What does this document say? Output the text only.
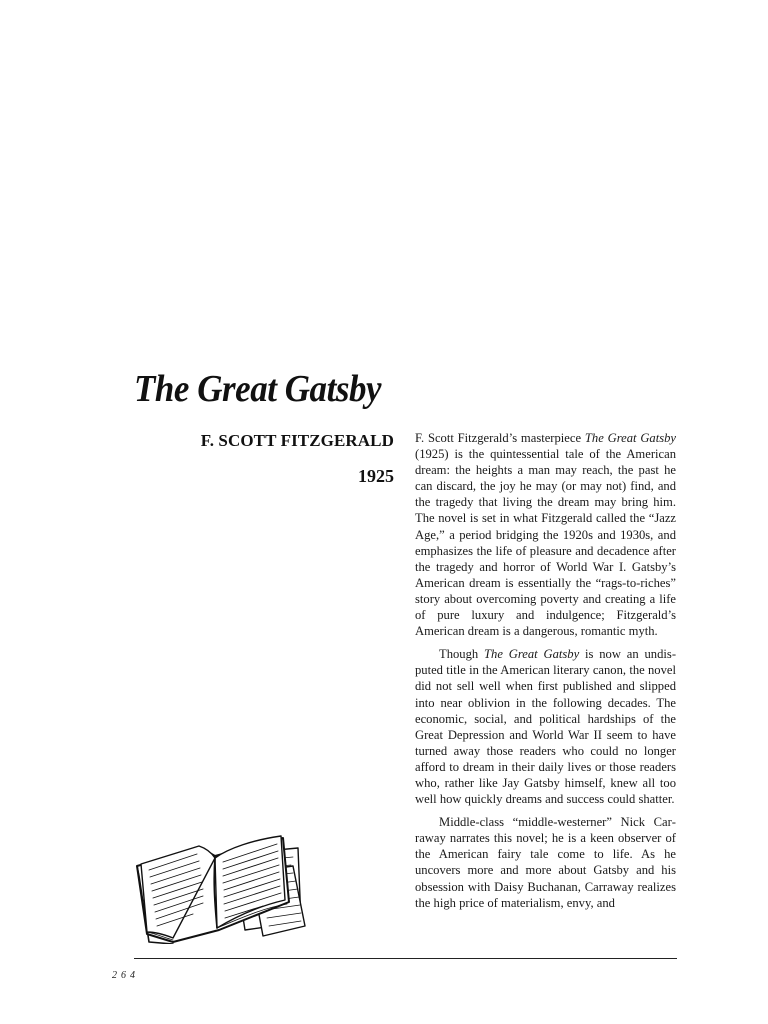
The Great Gatsby
F. SCOTT FITZGERALD
1925

F. Scott Fitzgerald’s masterpiece The Great Gatsby (1925) is the quintessential tale of the American dream: the heights a man may reach, the past he can discard, the joy he may (or may not) find, and the tragedy that living the dream may bring him. The novel is set in what Fitzgerald called the “Jazz Age,” a period bridging the 1920s and 1930s, and emphasizes the life of pleasure and decadence after the tragedy and horror of World War I. Gatsby’s American dream is essentially the “rags-to-riches” story about overcoming poverty and creating a life of pure luxury and indulgence; Fitzgerald’s American dream is a dangerous, romantic myth.

Though The Great Gatsby is now an undisputed title in the American literary canon, the novel did not sell well when first published and slipped into near oblivion in the following decades. The economic, social, and political hardships of the Great Depression and World War II seem to have turned away those readers who could no longer afford to dream in their daily lives or those readers who, rather like Jay Gatsby himself, knew all too well how quickly dreams and success could shatter.

Middle-class “middle-westerner” Nick Carraway narrates this novel; he is a keen observer of the American fairy tale come to life. As he uncovers more and more about Gatsby and his obsession with Daisy Buchanan, Carraway realizes the high price of materialism, envy, and

264
